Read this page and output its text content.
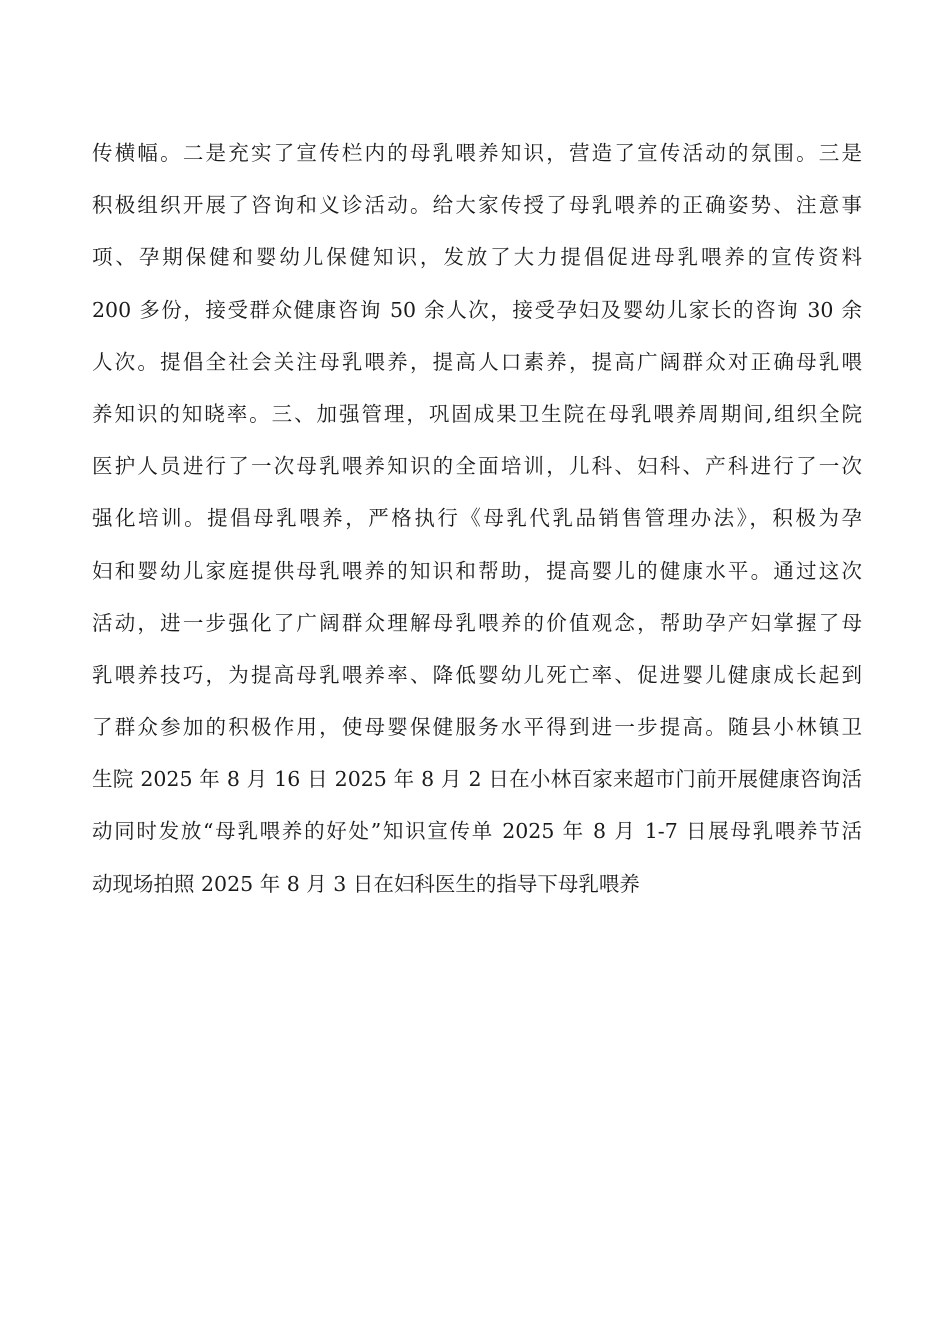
传横幅。二是充实了宣传栏内的母乳喂养知识，营造了宣传活动的氛围。三是
积极组织开展了咨询和义诊活动。给大家传授了母乳喂养的正确姿势、注意事
项、孕期保健和婴幼儿保健知识，发放了大力提倡促进母乳喂养的宣传资料
200 多份，接受群众健康咨询 50 余人次，接受孕妇及婴幼儿家长的咨询 30 余
人次。提倡全社会关注母乳喂养，提高人口素养，提高广阔群众对正确母乳喂
养知识的知晓率。三、加强管理，巩固成果卫生院在母乳喂养周期间,组织全院
医护人员进行了一次母乳喂养知识的全面培训，儿科、妇科、产科进行了一次
强化培训。提倡母乳喂养，严格执行《母乳代乳品销售管理办法》，积极为孕
妇和婴幼儿家庭提供母乳喂养的知识和帮助，提高婴儿的健康水平。通过这次
活动，进一步强化了广阔群众理解母乳喂养的价值观念，帮助孕产妇掌握了母
乳喂养技巧，为提高母乳喂养率、降低婴幼儿死亡率、促进婴儿健康成长起到
了群众参加的积极作用，使母婴保健服务水平得到进一步提高。随县小林镇卫
生院 2025 年 8 月 16 日 2025 年 8 月 2 日在小林百家来超市门前开展健康咨询活
动同时发放“母乳喂养的好处”知识宣传单 2025 年 8 月 1-7 日展母乳喂养节活
动现场拍照 2025 年 8 月 3 日在妇科医生的指导下母乳喂养
